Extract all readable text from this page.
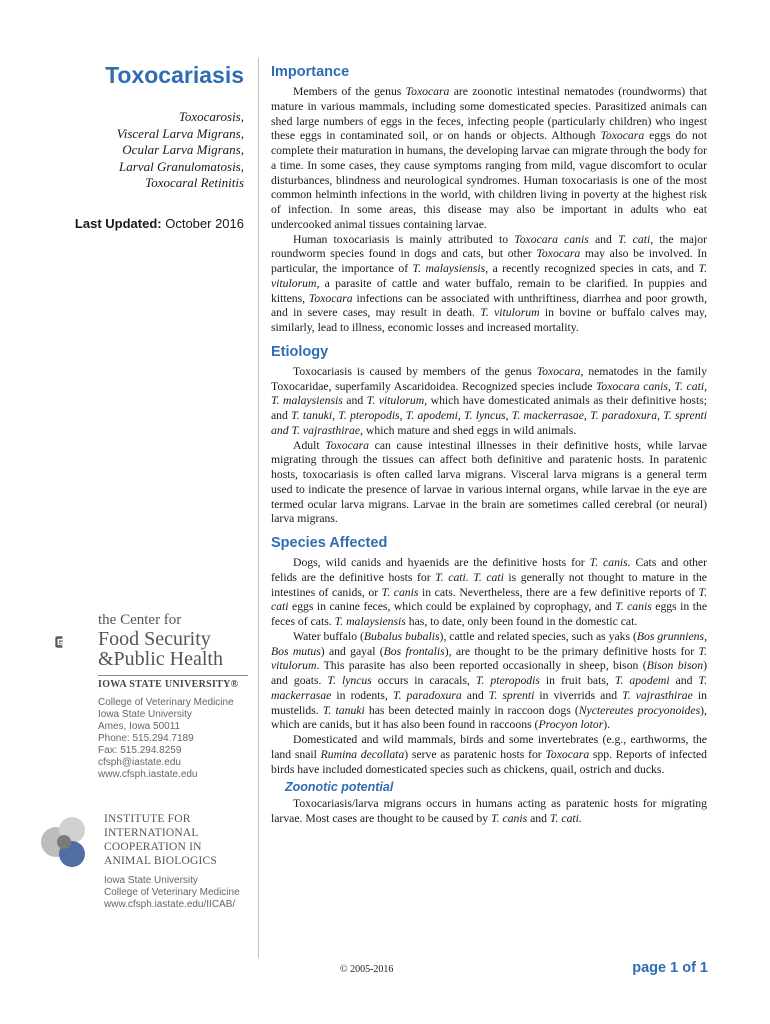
Toxocariasis
Toxocarosis,
Visceral Larva Migrans,
Ocular Larva Migrans,
Larval Granulomatosis,
Toxocaral Retinitis
Last Updated: October 2016
the Center for
Food Security
&Public Health
IOWA STATE UNIVERSITY®
College of Veterinary Medicine
Iowa State University
Ames, Iowa 50011
Phone: 515.294.7189
Fax: 515.294.8259
cfsph@iastate.edu
www.cfsph.iastate.edu
INSTITUTE FOR
INTERNATIONAL
COOPERATION IN
ANIMAL BIOLOGICS
Iowa State University
College of Veterinary Medicine
www.cfsph.iastate.edu/IICAB/
Importance

Members of the genus Toxocara are zoonotic intestinal nematodes (roundworms) that mature in various mammals, including some domesticated species. Parasitized animals can shed large numbers of eggs in the feces, infecting people (particularly children) who ingest these eggs in contaminated soil, or on hands or objects. Although Toxocara eggs do not complete their maturation in humans, the developing larvae can migrate through the body for a time. In some cases, they cause symptoms ranging from mild, vague discomfort to ocular disturbances, blindness and neurological syndromes. Human toxocariasis is one of the most common helminth infections in the world, with children living in poverty at the highest risk of infection. In some areas, this disease may also be important in adults who eat undercooked animal tissues containing larvae.

Human toxocariasis is mainly attributed to Toxocara canis and T. cati, the major roundworm species found in dogs and cats, but other Toxocara may also be involved. In particular, the importance of T. malaysiensis, a recently recognized species in cats, and T. vitulorum, a parasite of cattle and water buffalo, remain to be clarified. In puppies and kittens, Toxocara infections can be associated with unthriftiness, diarrhea and poor growth, and in severe cases, may result in death. T. vitulorum in bovine or buffalo calves may, similarly, lead to illness, economic losses and increased mortality.

Etiology

Toxocariasis is caused by members of the genus Toxocara, nematodes in the family Toxocaridae, superfamily Ascaridoidea. Recognized species include Toxocara canis, T. cati, T. malaysiensis and T. vitulorum, which have domesticated animals as their definitive hosts; and T. tanuki, T. pteropodis, T. apodemi, T. lyncus, T. mackerrasae, T. paradoxura, T. sprenti and T. vajrasthirae, which mature and shed eggs in wild animals.

Adult Toxocara can cause intestinal illnesses in their definitive hosts, while larvae migrating through the tissues can affect both definitive and paratenic hosts. In paratenic hosts, toxocariasis is often called larva migrans. Visceral larva migrans is a general term used to indicate the presence of larvae in various internal organs, while larvae in the eye are termed ocular larva migrans. Larvae in the brain are sometimes called cerebral (or neural) larva migrans.

Species Affected

Dogs, wild canids and hyaenids are the definitive hosts for T. canis. Cats and other felids are the definitive hosts for T. cati. T. cati is generally not thought to mature in the intestines of canids, or T. canis in cats. Nevertheless, there are a few definitive reports of T. cati eggs in canine feces, which could be explained by coprophagy, and T. canis eggs in the feces of cats. T. malaysiensis has, to date, only been found in the domestic cat.

Water buffalo (Bubalus bubalis), cattle and related species, such as yaks (Bos grunniens, Bos mutus) and gayal (Bos frontalis), are thought to be the primary definitive hosts for T. vitulorum. This parasite has also been reported occasionally in sheep, bison (Bison bison) and goats. T. lyncus occurs in caracals, T. pteropodis in fruit bats, T. apodemi and T. mackerrasae in rodents, T. paradoxura and T. sprenti in viverrids and T. vajrasthirae in mustelids. T. tanuki has been detected mainly in raccoon dogs (Nyctereutes procyonoides), which are canids, but it has also been found in raccoons (Procyon lotor).

Domesticated and wild mammals, birds and some invertebrates (e.g., earthworms, the land snail Rumina decollata) serve as paratenic hosts for Toxocara spp. Reports of infected birds have included domesticated species such as chickens, quail, ostrich and ducks.

Zoonotic potential

Toxocariasis/larva migrans occurs in humans acting as paratenic hosts for migrating larvae. Most cases are thought to be caused by T. canis and T. cati.

© 2005-2016	page 1 of 1
